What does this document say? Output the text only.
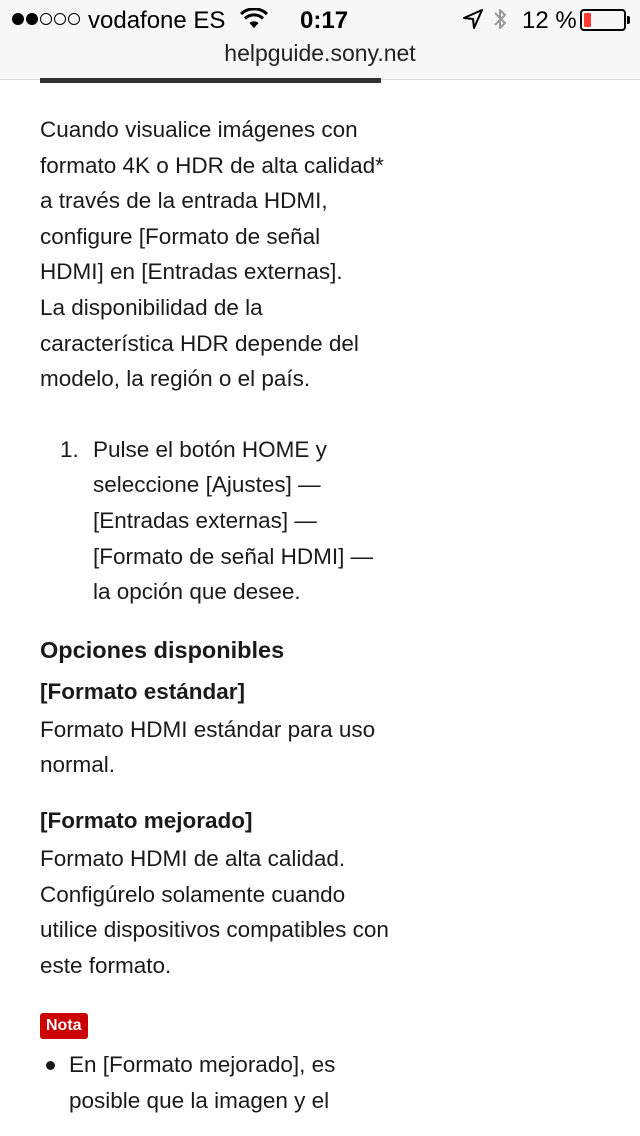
vodafone ES	0:17	12 %
helpguide.sony.net

Cuando visualice imágenes con formato 4K o HDR de alta calidad* a través de la entrada HDMI, configure [Formato de señal HDMI] en [Entradas externas].

La disponibilidad de la característica HDR depende del modelo, la región o el país.

1. Pulse el botón HOME y seleccione [Ajustes] — [Entradas externas] — [Formato de señal HDMI] — la opción que desee.
Opciones disponibles
[Formato estándar]

Formato HDMI estándar para uso normal.

[Formato mejorado]

Formato HDMI de alta calidad. Configúrelo solamente cuando utilice dispositivos compatibles con este formato.

Nota
En [Formato mejorado], es posible que la imagen y el
